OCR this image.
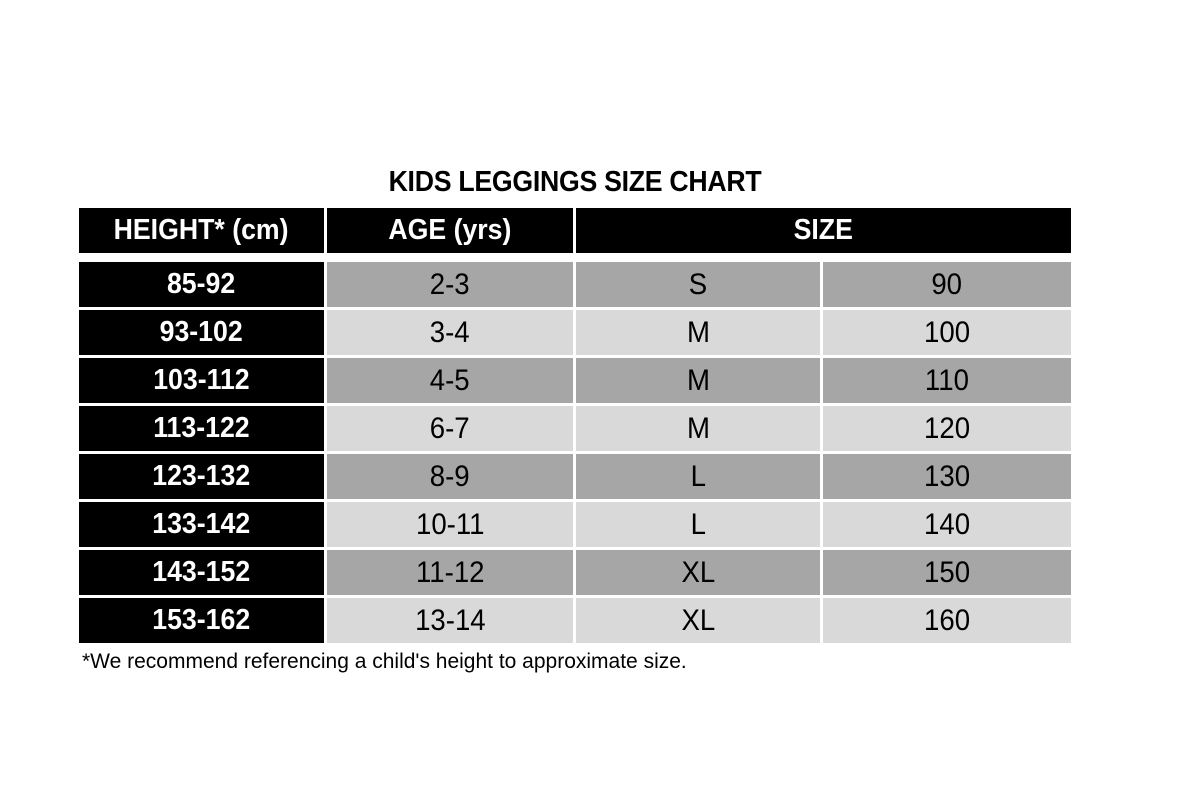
KIDS LEGGINGS SIZE CHART
HEIGHT* (cm)	AGE (yrs)	SIZE
85-92	2-3	S	90
93-102	3-4	M	100
103-112	4-5	M	110
113-122	6-7	M	120
123-132	8-9	L	130
133-142	10-11	L	140
143-152	11-12	XL	150
153-162	13-14	XL	160
*We recommend referencing a child's height to approximate size.
